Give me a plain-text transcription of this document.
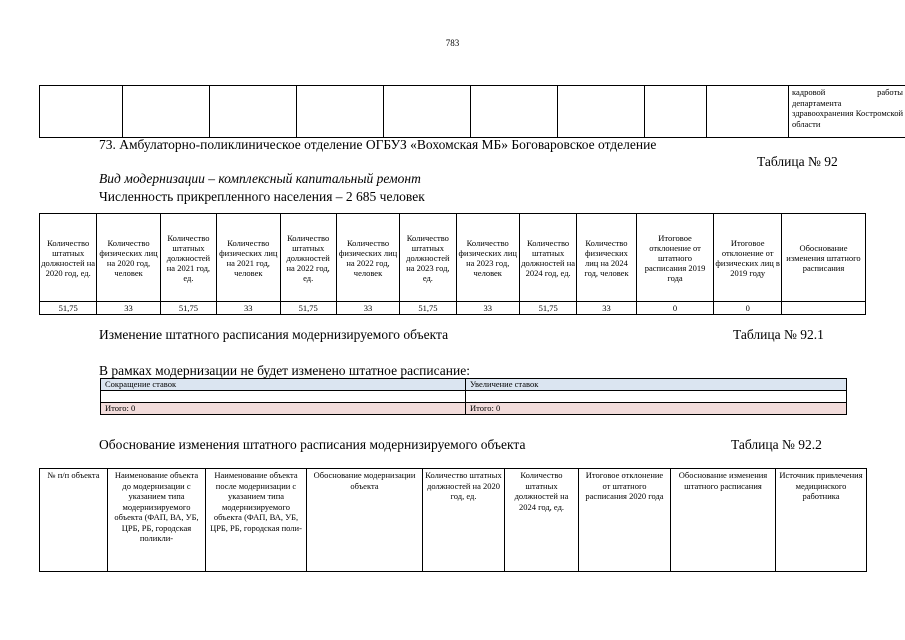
783
									кадровой работы департамента здравоохранения Костромской области
73. Амбулаторно-поликлиническое отделение ОГБУЗ «Вохомская МБ» Боговаровское отделение
Таблица № 92
Вид модернизации – комплексный капитальный ремонт
Численность прикрепленного населения – 2 685 человек
Количество штатных должностей на 2020 год, ед.	Количество физических лиц на 2020 год, человек	Количество штатных должностей на 2021 год, ед.	Количество физических лиц на 2021 год, человек	Количество штатных должностей на 2022 год, ед.	Количество физических лиц на 2022 год, человек	Количество штатных должностей на 2023 год, ед.	Количество физических лиц на 2023 год, человек	Количество штатных должностей на 2024 год, ед.	Количество физических лиц на 2024 год, человек	Итоговое отклонение от штатного расписания 2019 года	Итоговое отклонение от физических лиц в 2019 году	Обоснование изменения штатного расписания
51,75	33	51,75	33	51,75	33	51,75	33	51,75	33	0	0	
Изменение штатного расписания модернизируемого объекта	Таблица № 92.1
В рамках модернизации не будет изменено штатное расписание:
Сокращение ставок	Увеличение ставок

Итого: 0	Итого: 0
Обоснование изменения штатного расписания модернизируемого объекта	Таблица № 92.2
№ п/п объекта	Наименование объекта до модернизации с указанием типа модернизируемого объекта (ФАП, ВА, УБ, ЦРБ, РБ, городская поликли-	Наименование объекта после модернизации с указанием типа модернизируемого объекта (ФАП, ВА, УБ, ЦРБ, РБ, городская поли-	Обоснование модернизации объекта	Количество штатных должностей на 2020 год, ед.	Количество штатных должностей на 2024 год, ед.	Итоговое отклонение от штатного расписания 2020 года	Обоснование изменения штатного расписания	Источник привлечения медицинского работника
